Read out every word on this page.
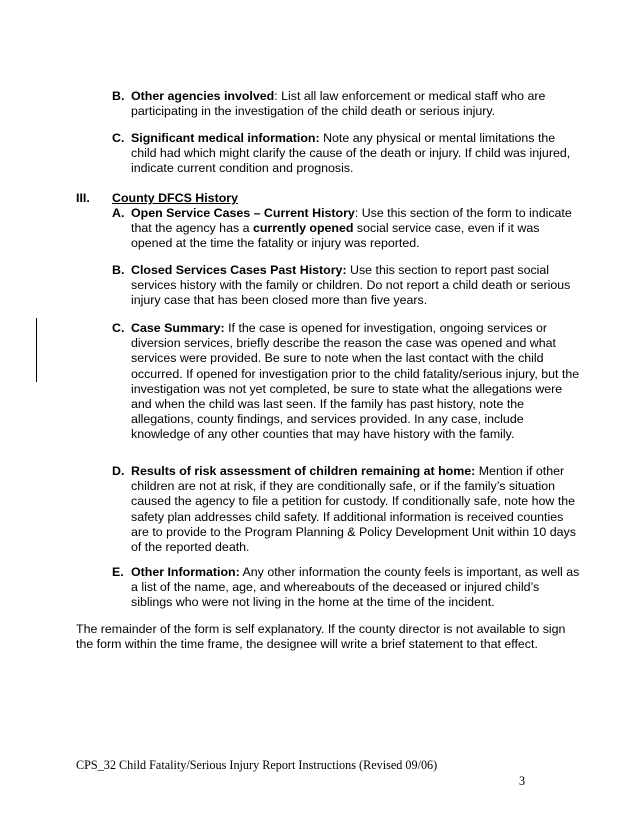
B. Other agencies involved: List all law enforcement or medical staff who are participating in the investigation of the child death or serious injury.
C. Significant medical information: Note any physical or mental limitations the child had which might clarify the cause of the death or injury. If child was injured, indicate current condition and prognosis.
III. County DFCS History
A. Open Service Cases – Current History: Use this section of the form to indicate that the agency has a currently opened social service case, even if it was opened at the time the fatality or injury was reported.
B. Closed Services Cases Past History: Use this section to report past social services history with the family or children. Do not report a child death or serious injury case that has been closed more than five years.
C. Case Summary: If the case is opened for investigation, ongoing services or diversion services, briefly describe the reason the case was opened and what services were provided. Be sure to note when the last contact with the child occurred. If opened for investigation prior to the child fatality/serious injury, but the investigation was not yet completed, be sure to state what the allegations were and when the child was last seen. If the family has past history, note the allegations, county findings, and services provided. In any case, include knowledge of any other counties that may have history with the family.
D. Results of risk assessment of children remaining at home: Mention if other children are not at risk, if they are conditionally safe, or if the family’s situation caused the agency to file a petition for custody. If conditionally safe, note how the safety plan addresses child safety. If additional information is received counties are to provide to the Program Planning & Policy Development Unit within 10 days of the reported death.
E. Other Information: Any other information the county feels is important, as well as a list of the name, age, and whereabouts of the deceased or injured child’s siblings who were not living in the home at the time of the incident.
The remainder of the form is self explanatory. If the county director is not available to sign the form within the time frame, the designee will write a brief statement to that effect.
CPS_32 Child Fatality/Serious Injury Report Instructions (Revised 09/06)
3
